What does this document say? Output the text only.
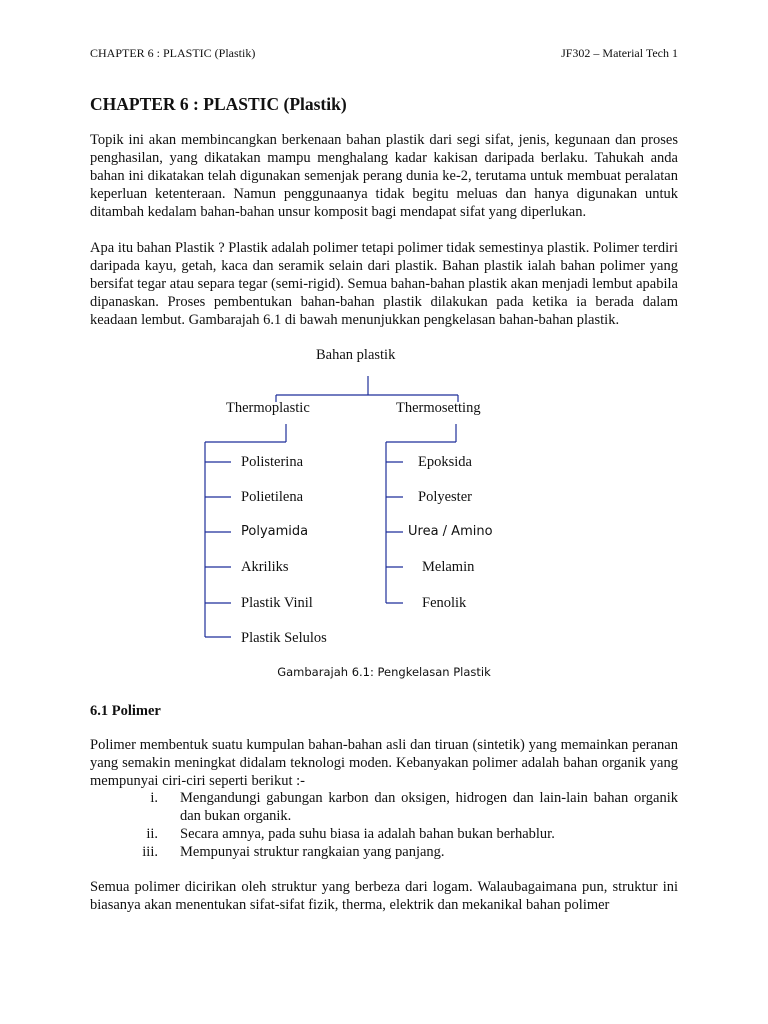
CHAPTER 6 : PLASTIC (Plastik)	JF302 – Material Tech 1
CHAPTER 6 : PLASTIC (Plastik)

Topik ini akan membincangkan berkenaan bahan plastik dari segi sifat, jenis, kegunaan dan proses penghasilan, yang dikatakan mampu menghalang kadar kakisan daripada berlaku. Tahukah anda bahan ini dikatakan telah digunakan semenjak perang dunia ke-2, terutama untuk membuat peralatan keperluan ketenteraan. Namun penggunaanya tidak begitu meluas dan hanya digunakan untuk ditambah kedalam bahan-bahan unsur komposit bagi mendapat sifat yang diperlukan.

Apa itu bahan Plastik ? Plastik adalah polimer tetapi polimer tidak semestinya plastik. Polimer terdiri daripada kayu, getah, kaca dan seramik selain dari plastik. Bahan plastik ialah bahan polimer yang bersifat tegar atau separa tegar (semi-rigid). Semua bahan-bahan plastik akan menjadi lembut apabila dipanaskan. Proses pembentukan bahan-bahan plastik dilakukan pada ketika ia berada dalam keadaan lembut. Gambarajah 6.1 di bawah menunjukkan pengkelasan bahan-bahan plastik.

Bahan plastik
Thermoplastic	Thermosetting
Polisterina
Polietilena
Polyamida
Akriliks
Plastik Vinil
Plastik Selulos
Epoksida
Polyester
Urea / Amino
Melamin
Fenolik
Gambarajah 6.1: Pengkelasan Plastik
6.1 Polimer

Polimer membentuk suatu kumpulan bahan-bahan asli dan tiruan (sintetik) yang memainkan peranan yang semakin meningkat didalam teknologi moden. Kebanyakan polimer adalah bahan organik yang mempunyai ciri-ciri seperti berikut :-

i. Mengandungi gabungan karbon dan oksigen, hidrogen dan lain-lain bahan organik dan bukan organik.
ii. Secara amnya, pada suhu biasa ia adalah bahan bukan berhablur.
iii. Mempunyai struktur rangkaian yang panjang.

Semua polimer dicirikan oleh struktur yang berbeza dari logam. Walaubagaimana pun, struktur ini biasanya akan menentukan sifat-sifat fizik, therma, elektrik dan mekanikal bahan polimer
